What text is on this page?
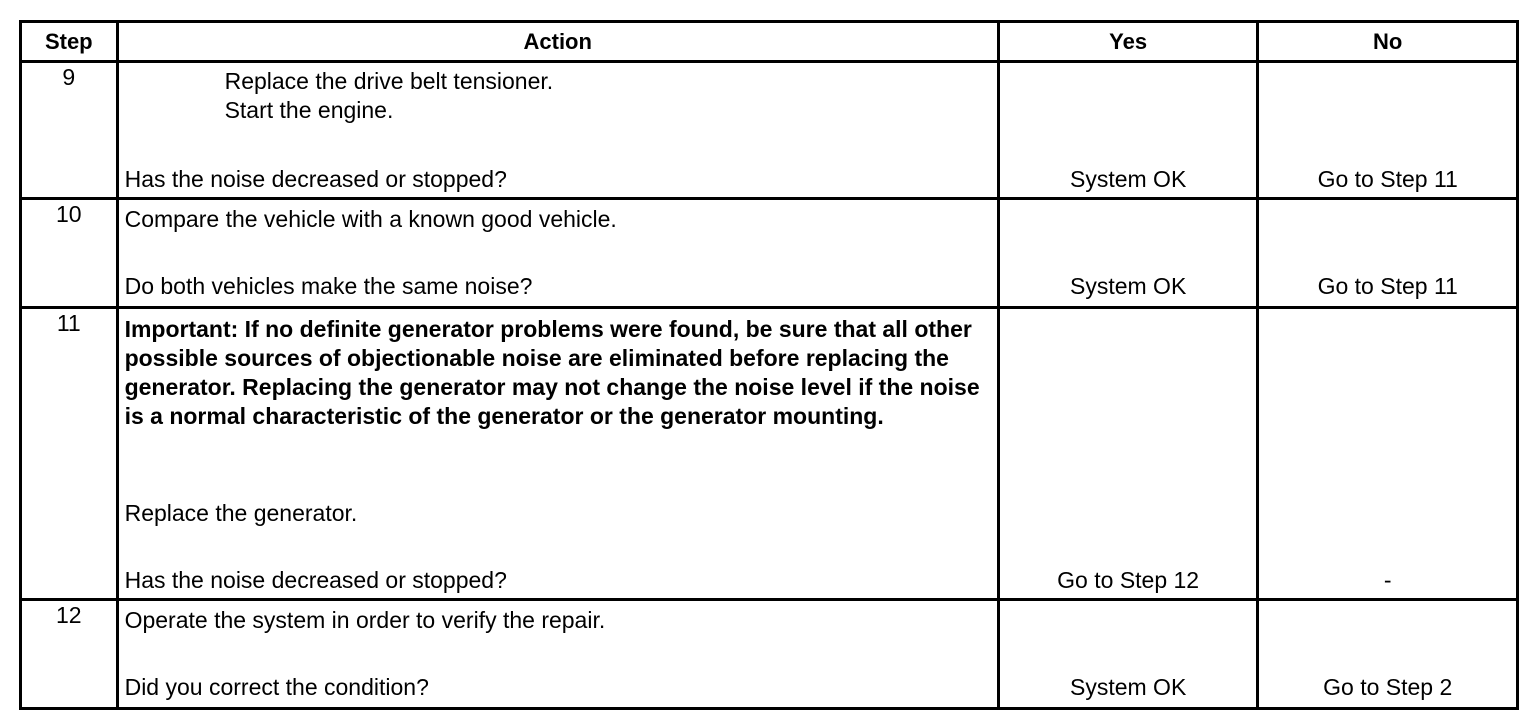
Step	Action	Yes	No
9	Replace the drive belt tensioner.
Start the engine.
Has the noise decreased or stopped?	System OK	Go to Step 11

10	Compare the vehicle with a known good vehicle.
Do both vehicles make the same noise?	System OK	Go to Step 11

11	Important: If no definite generator problems were found, be sure that all other possible sources of objectionable noise are eliminated before replacing the generator. Replacing the generator may not change the noise level if the noise is a normal characteristic of the generator or the generator mounting.
Replace the generator.
Has the noise decreased or stopped?	Go to Step 12	-

12	Operate the system in order to verify the repair.
Did you correct the condition?	System OK	Go to Step 2
